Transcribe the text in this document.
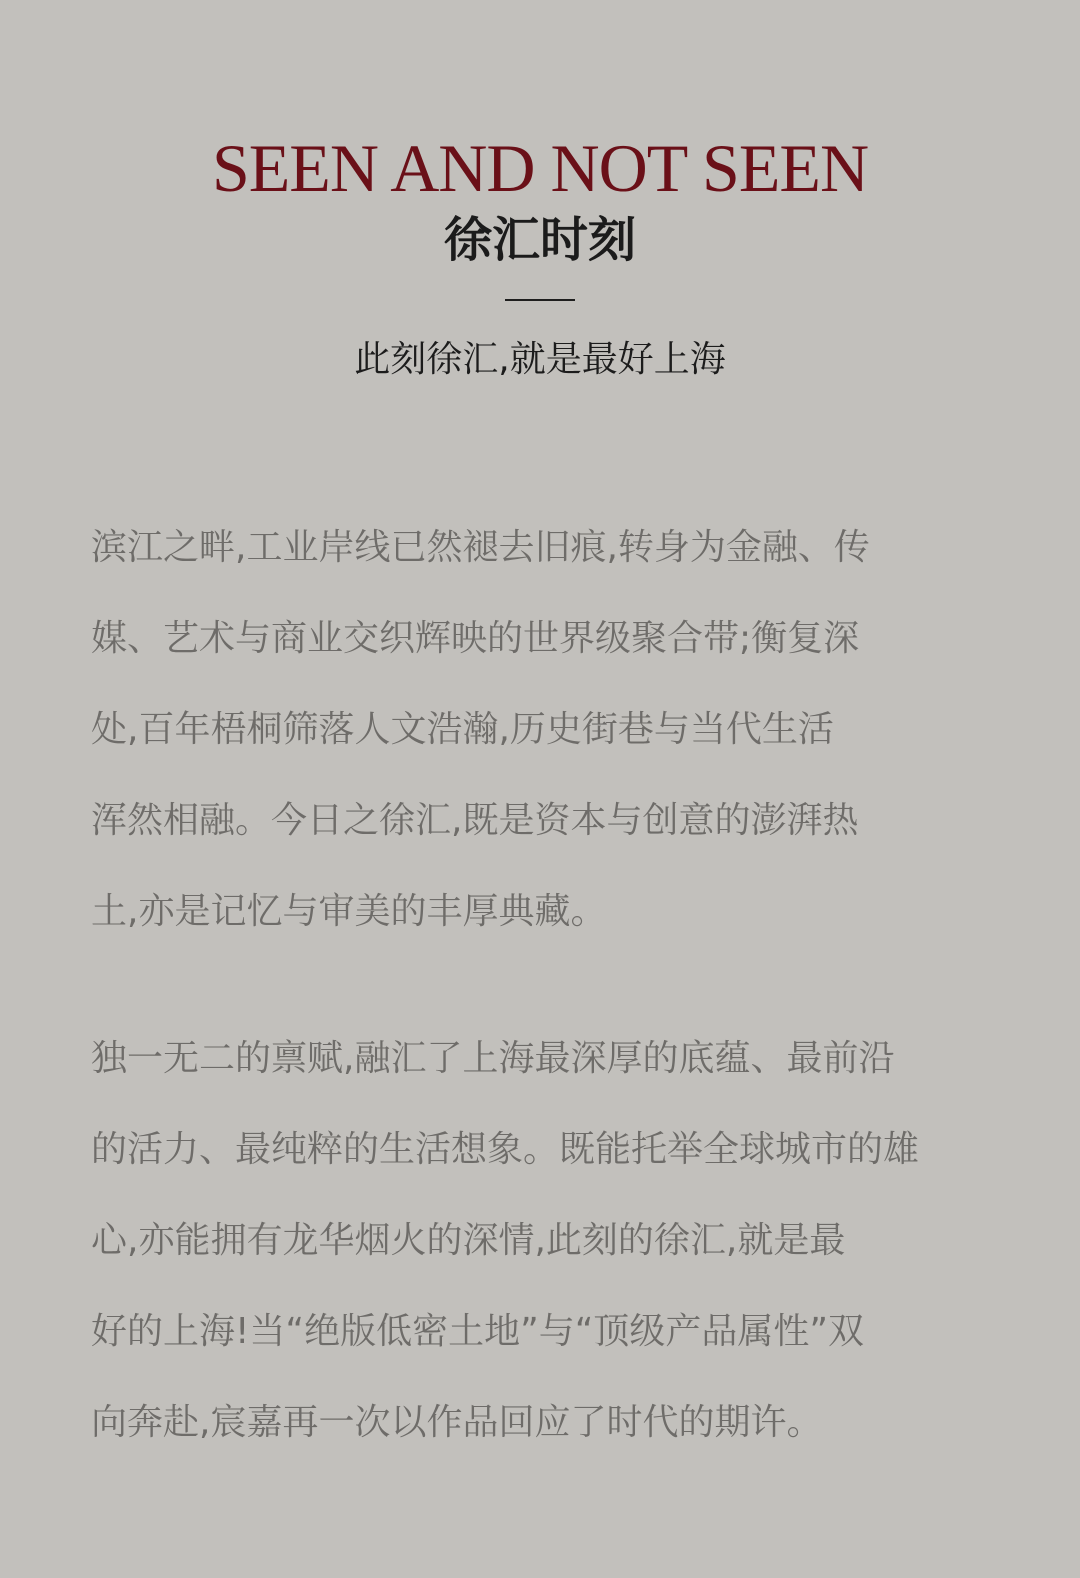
SEEN AND NOT SEEN
徐汇时刻

此刻徐汇,就是最好上海

滨江之畔,工业岸线已然褪去旧痕,转身为金融、传
媒、艺术与商业交织辉映的世界级聚合带;衡复深
处,百年梧桐筛落人文浩瀚,历史街巷与当代生活
浑然相融。今日之徐汇,既是资本与创意的澎湃热
土,亦是记忆与审美的丰厚典藏。

独一无二的禀赋,融汇了上海最深厚的底蕴、最前沿
的活力、最纯粹的生活想象。既能托举全球城市的雄
心,亦能拥有龙华烟火的深情,此刻的徐汇,就是最
好的上海!当“绝版低密土地”与“顶级产品属性”双
向奔赴,宸嘉再一次以作品回应了时代的期许。
